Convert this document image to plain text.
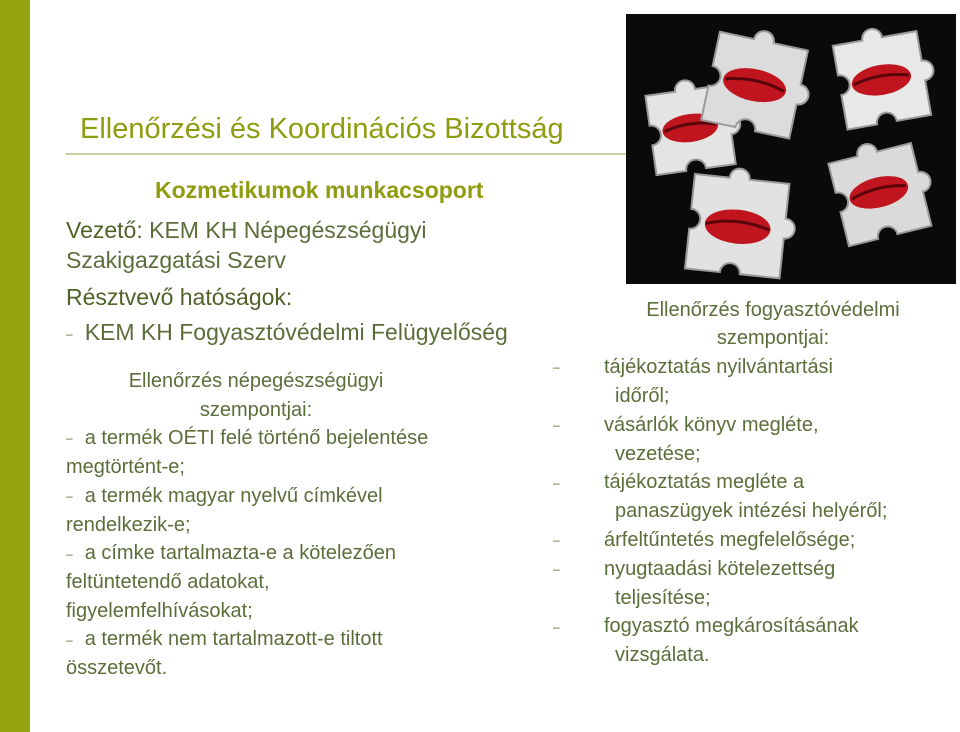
Ellenőrzési és Koordinációs Bizottság

Kozmetikumok munkacsoport

Vezető: KEM KH Népegészségügyi

Szakigazgatási Szerv

Résztvevő hatóságok:

– KEM KH Fogyasztóvédelmi Felügyelőség

Ellenőrzés népegészségügyi
szempontjai:

– a termék OÉTI felé történő bejelentése
megtörtént-e;

– a termék magyar nyelvű címkével
rendelkezik-e;

– a címke tartalmazta-e a kötelezően
feltüntetendő adatokat,
figyelemfelhívásokat;

– a termék nem tartalmazott-e tiltott
összetevőt.

Ellenőrzés fogyasztóvédelmi
szempontjai:

– tájékoztatás nyilvántartási
időről;

– vásárlók könyv megléte,
vezetése;

– tájékoztatás megléte a
panaszügyek intézési helyéről;

– árfeltűntetés megfelelősége;

– nyugtaadási kötelezettség
teljesítése;

– fogyasztó megkárosításának
vizsgálata.
